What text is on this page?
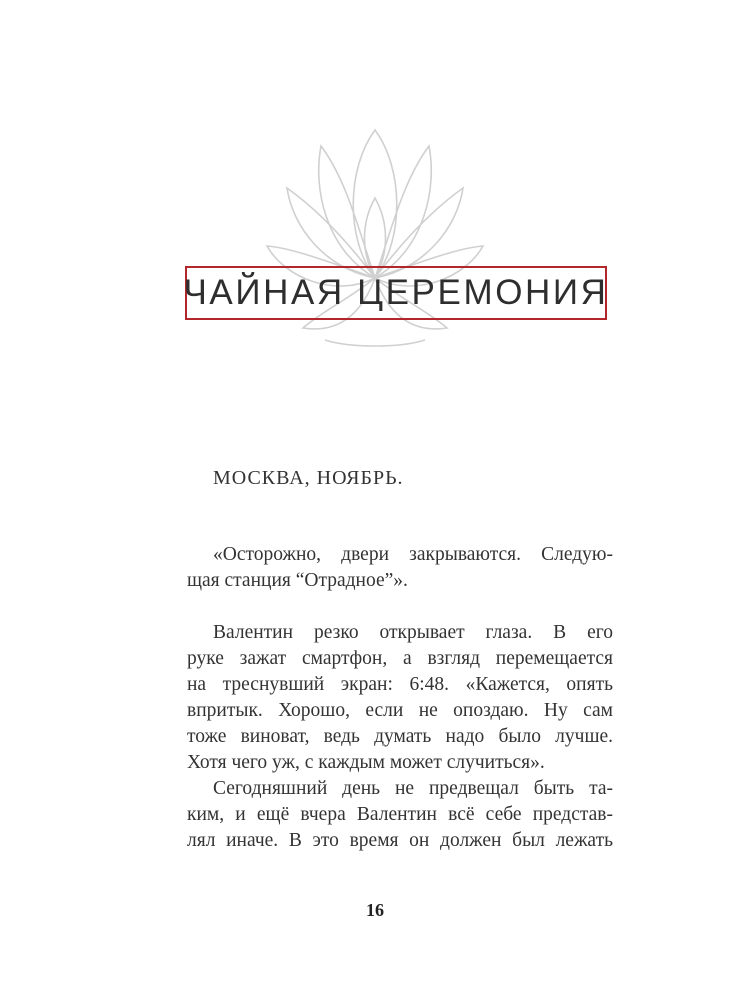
ЧАЙНАЯ ЦЕРЕМОНИЯ
МОСКВА, НОЯБРЬ.
«Осторожно, двери закрываются. Следую-
щая станция “Отрадное”».
Валентин резко открывает глаза. В его
руке зажат смартфон, а взгляд перемещается
на треснувший экран: 6:48. «Кажется, опять
впритык. Хорошо, если не опоздаю. Ну сам
тоже виноват, ведь думать надо было лучше.
Хотя чего уж, с каждым может случиться».
Сегодняшний день не предвещал быть та-
ким, и ещё вчера Валентин всё себе представ-
лял иначе. В это время он должен был лежать
16
